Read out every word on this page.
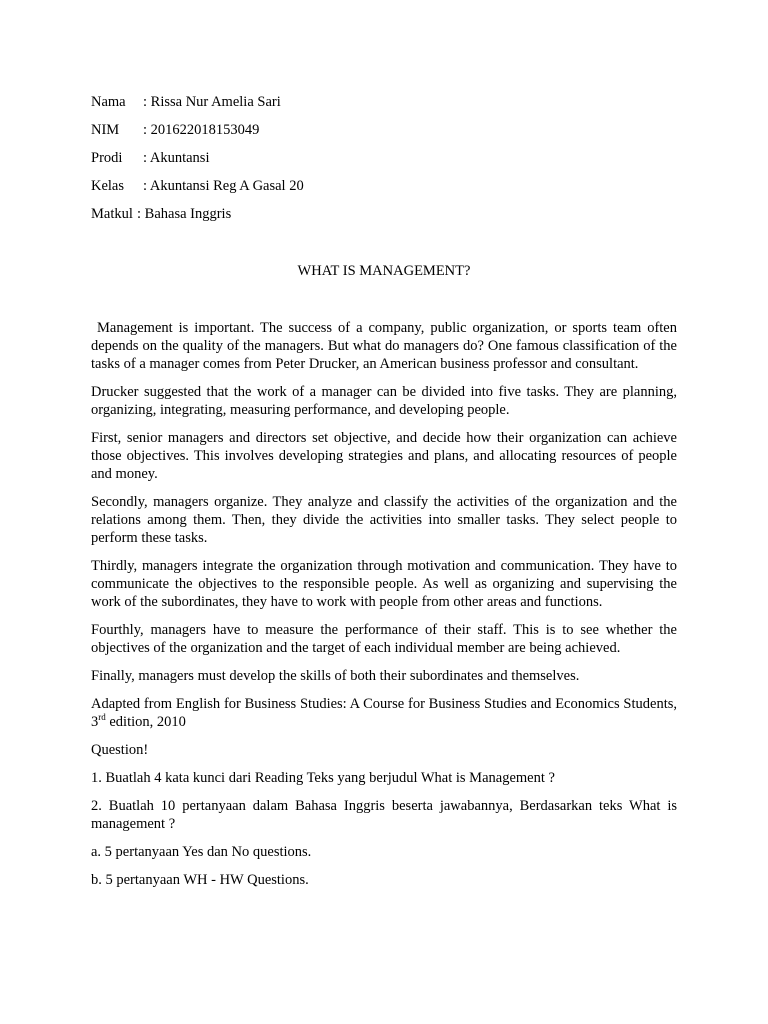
Nama : Rissa Nur Amelia Sari
NIM : 201622018153049
Prodi : Akuntansi
Kelas : Akuntansi Reg A Gasal 20
Matkul : Bahasa Inggris
WHAT IS MANAGEMENT?

Management is important. The success of a company, public organization, or sports team often depends on the quality of the managers. But what do managers do? One famous classification of the tasks of a manager comes from Peter Drucker, an American business professor and consultant.

Drucker suggested that the work of a manager can be divided into five tasks. They are planning, organizing, integrating, measuring performance, and developing people.

First, senior managers and directors set objective, and decide how their organization can achieve those objectives. This involves developing strategies and plans, and allocating resources of people and money.

Secondly, managers organize. They analyze and classify the activities of the organization and the relations among them. Then, they divide the activities into smaller tasks. They select people to perform these tasks.

Thirdly, managers integrate the organization through motivation and communication. They have to communicate the objectives to the responsible people. As well as organizing and supervising the work of the subordinates, they have to work with people from other areas and functions.

Fourthly, managers have to measure the performance of their staff. This is to see whether the objectives of the organization and the target of each individual member are being achieved.

Finally, managers must develop the skills of both their subordinates and themselves.

Adapted from English for Business Studies: A Course for Business Studies and Economics Students, 3rd edition, 2010

Question!

1. Buatlah 4 kata kunci dari Reading Teks yang berjudul What is Management ?

2. Buatlah 10 pertanyaan dalam Bahasa Inggris beserta jawabannya, Berdasarkan teks What is management ?

a. 5 pertanyaan Yes dan No questions.

b. 5 pertanyaan WH - HW Questions.
